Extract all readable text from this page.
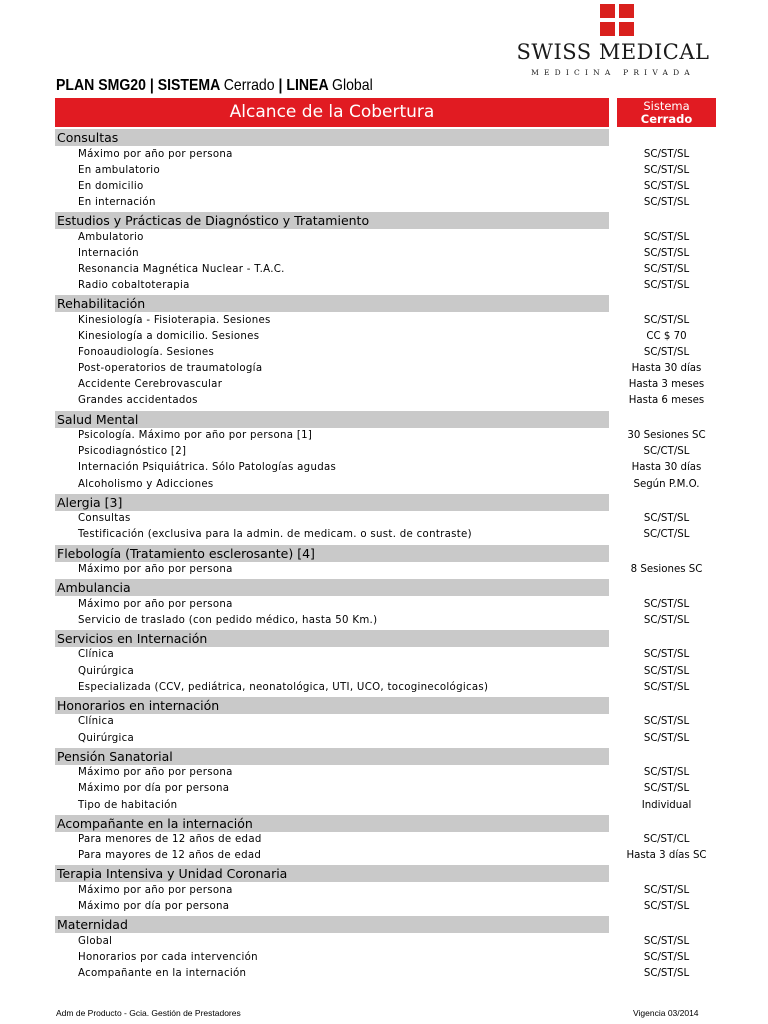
SWISS MEDICAL
MEDICINA PRIVADA
PLAN SMG20 | SISTEMA Cerrado | LINEA Global
Alcance de la Cobertura	Sistema
Cerrado
Consultas
Máximo por año por persona	SC/ST/SL
En ambulatorio	SC/ST/SL
En domicilio	SC/ST/SL
En internación	SC/ST/SL
Estudios y Prácticas de Diagnóstico y Tratamiento
Ambulatorio	SC/ST/SL
Internación	SC/ST/SL
Resonancia Magnética Nuclear - T.A.C.	SC/ST/SL
Radio cobaltoterapia	SC/ST/SL
Rehabilitación
Kinesiología - Fisioterapia. Sesiones	SC/ST/SL
Kinesiología a domicilio. Sesiones	CC $ 70
Fonoaudiología. Sesiones	SC/ST/SL
Post-operatorios de traumatología	Hasta 30 días
Accidente Cerebrovascular	Hasta 3 meses
Grandes accidentados	Hasta 6 meses
Salud Mental
Psicología. Máximo por año por persona [1]	30 Sesiones SC
Psicodiagnóstico [2]	SC/CT/SL
Internación Psiquiátrica. Sólo Patologías agudas	Hasta 30 días
Alcoholismo y Adicciones	Según P.M.O.
Alergia [3]
Consultas	SC/ST/SL
Testificación (exclusiva para la admin. de medicam. o sust. de contraste)	SC/CT/SL
Flebología (Tratamiento esclerosante) [4]
Máximo por año por persona	8 Sesiones SC
Ambulancia
Máximo por año por persona	SC/ST/SL
Servicio de traslado (con pedido médico, hasta 50 Km.)	SC/ST/SL
Servicios en Internación
Clínica	SC/ST/SL
Quirúrgica	SC/ST/SL
Especializada (CCV, pediátrica, neonatológica, UTI, UCO, tocoginecológicas)	SC/ST/SL
Honorarios en internación
Clínica	SC/ST/SL
Quirúrgica	SC/ST/SL
Pensión Sanatorial
Máximo por año por persona	SC/ST/SL
Máximo por día por persona	SC/ST/SL
Tipo de habitación	Individual
Acompañante en la internación
Para menores de 12 años de edad	SC/ST/CL
Para mayores de 12 años de edad	Hasta 3 días SC
Terapia Intensiva y Unidad Coronaria
Máximo por año por persona	SC/ST/SL
Máximo por día por persona	SC/ST/SL
Maternidad
Global	SC/ST/SL
Honorarios por cada intervención	SC/ST/SL
Acompañante en la internación	SC/ST/SL
Adm de Producto - Gcia. Gestión de Prestadores	Vigencia 03/2014
